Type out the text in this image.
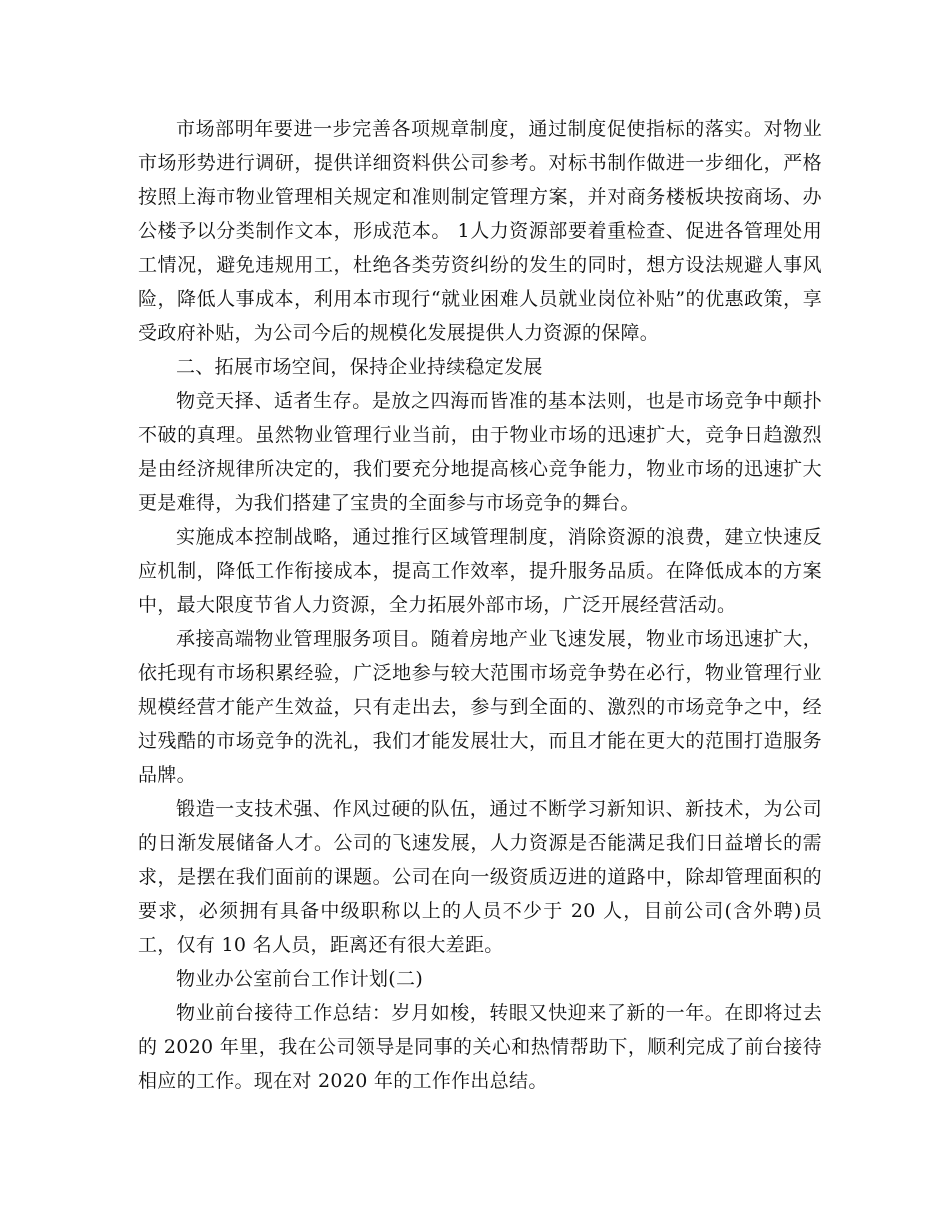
市场部明年要进一步完善各项规章制度，通过制度促使指标的落实。对物业市场形势进行调研，提供详细资料供公司参考。对标书制作做进一步细化，严格按照上海市物业管理相关规定和准则制定管理方案，并对商务楼板块按商场、办公楼予以分类制作文本，形成范本。 1人力资源部要着重检查、促进各管理处用工情况，避免违规用工，杜绝各类劳资纠纷的发生的同时，想方设法规避人事风险，降低人事成本，利用本市现行“就业困难人员就业岗位补贴”的优惠政策，享受政府补贴，为公司今后的规模化发展提供人力资源的保障。

二、拓展市场空间，保持企业持续稳定发展

物竞天择、适者生存。是放之四海而皆准的基本法则，也是市场竞争中颠扑不破的真理。虽然物业管理行业当前，由于物业市场的迅速扩大，竞争日趋激烈是由经济规律所决定的，我们要充分地提高核心竞争能力，物业市场的迅速扩大更是难得，为我们搭建了宝贵的全面参与市场竞争的舞台。

实施成本控制战略，通过推行区域管理制度，消除资源的浪费，建立快速反应机制，降低工作衔接成本，提高工作效率，提升服务品质。在降低成本的方案中，最大限度节省人力资源，全力拓展外部市场，广泛开展经营活动。

承接高端物业管理服务项目。随着房地产业飞速发展，物业市场迅速扩大，依托现有市场积累经验，广泛地参与较大范围市场竞争势在必行，物业管理行业规模经营才能产生效益，只有走出去，参与到全面的、激烈的市场竞争之中，经过残酷的市场竞争的洗礼，我们才能发展壮大，而且才能在更大的范围打造服务品牌。

锻造一支技术强、作风过硬的队伍，通过不断学习新知识、新技术，为公司的日渐发展储备人才。公司的飞速发展，人力资源是否能满足我们日益增长的需求，是摆在我们面前的课题。公司在向一级资质迈进的道路中，除却管理面积的要求，必须拥有具备中级职称以上的人员不少于 20 人，目前公司(含外聘)员工，仅有 10 名人员，距离还有很大差距。

物业办公室前台工作计划(二)

物业前台接待工作总结：岁月如梭，转眼又快迎来了新的一年。在即将过去的 2020 年里，我在公司领导是同事的关心和热情帮助下，顺利完成了前台接待相应的工作。现在对 2020 年的工作作出总结。
